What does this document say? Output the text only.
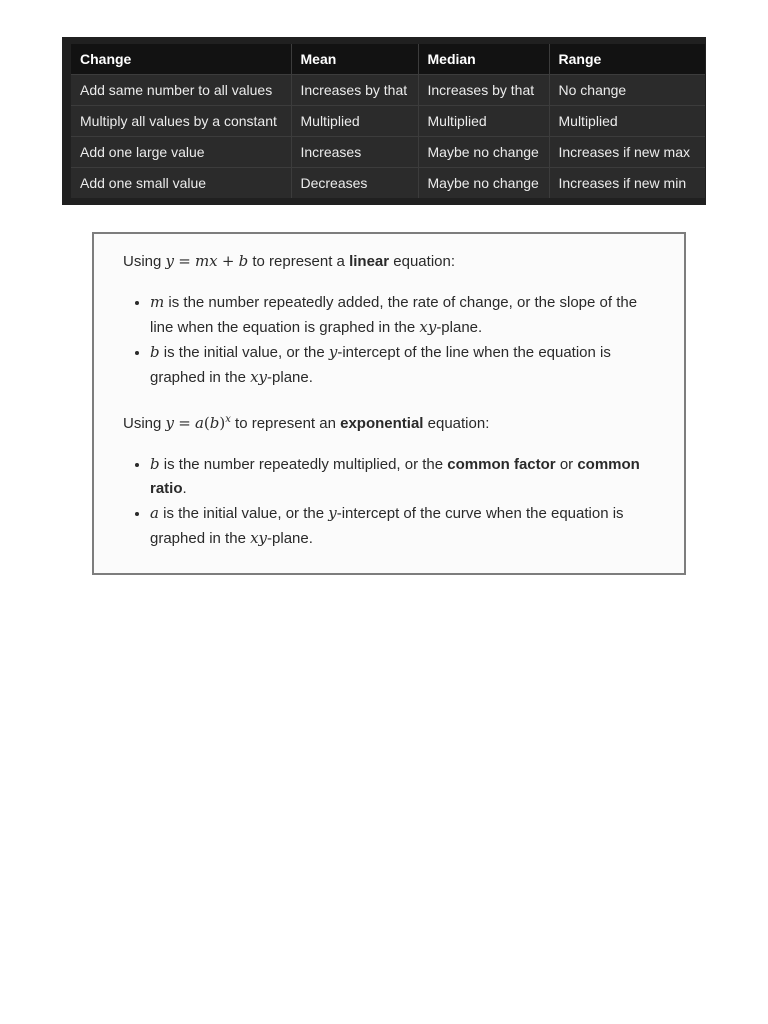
Change	Mean	Median	Range
Add same number to all values	Increases by that	Increases by that	No change
Multiply all values by a constant	Multiplied	Multiplied	Multiplied
Add one large value	Increases	Maybe no change	Increases if new max
Add one small value	Decreases	Maybe no change	Increases if new min

Using y = mx + b to represent a linear equation:

• m is the number repeatedly added, the rate of change, or the slope of the line when the equation is graphed in the xy-plane.
• b is the initial value, or the y-intercept of the line when the equation is graphed in the xy-plane.

Using $y = a(b)^x$ to represent an exponential equation:

• b is the number repeatedly multiplied, or the common factor or common ratio.
• a is the initial value, or the y-intercept of the curve when the equation is graphed in the xy-plane.
